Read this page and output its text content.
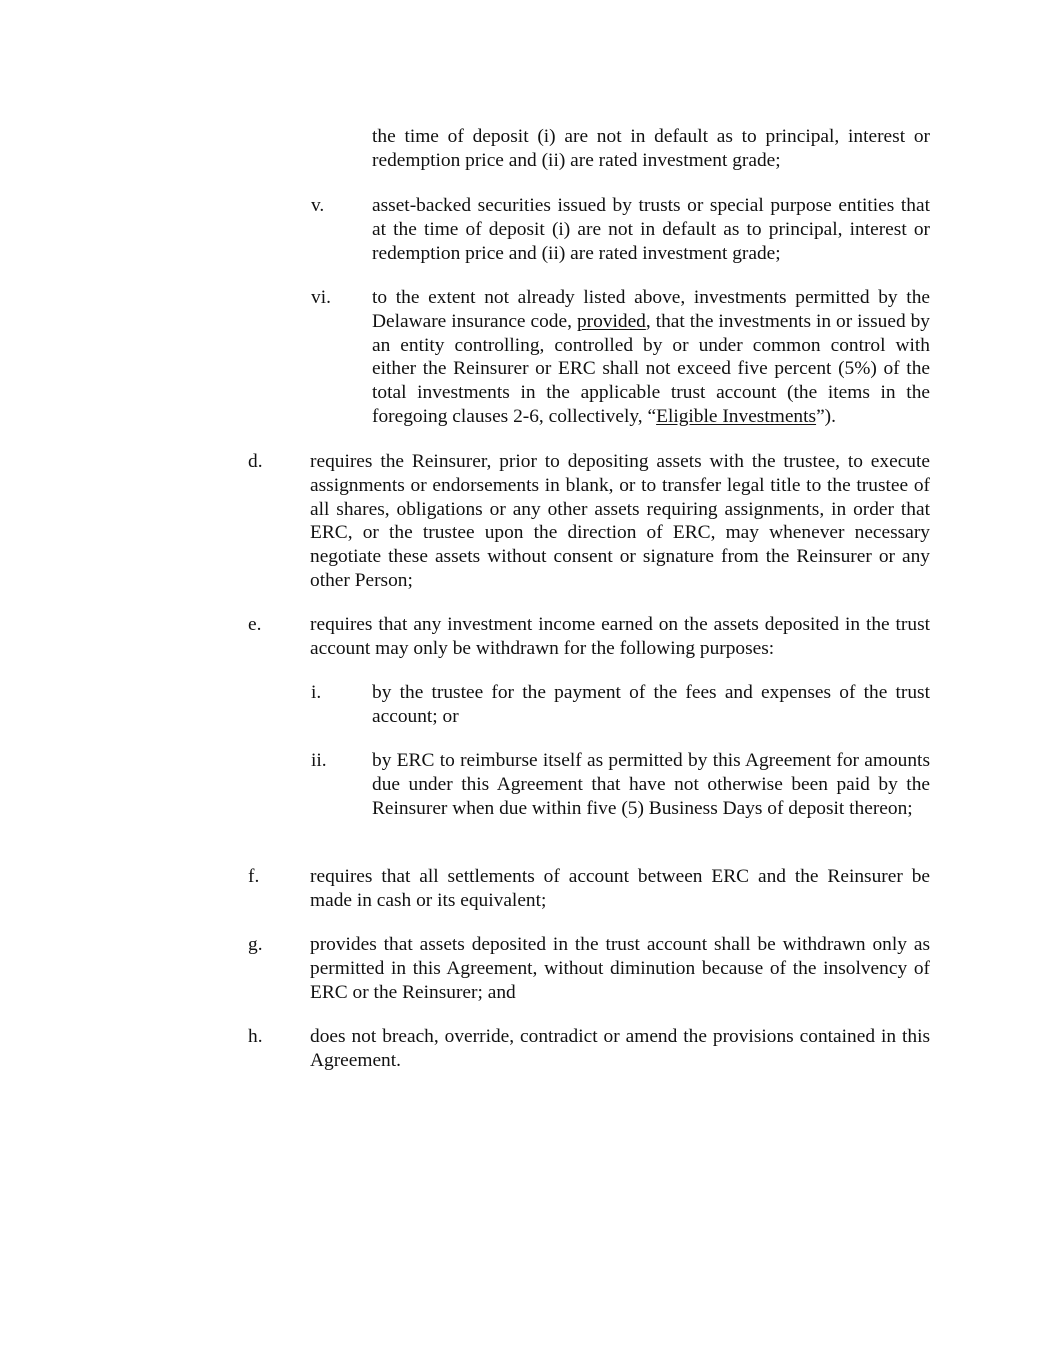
the time of deposit (i) are not in default as to principal, interest or redemption price and (ii) are rated investment grade;
v. asset-backed securities issued by trusts or special purpose entities that at the time of deposit (i) are not in default as to principal, interest or redemption price and (ii) are rated investment grade;
vi. to the extent not already listed above, investments permitted by the Delaware insurance code, provided, that the investments in or issued by an entity controlling, controlled by or under common control with either the Reinsurer or ERC shall not exceed five percent (5%) of the total investments in the applicable trust account (the items in the foregoing clauses 2-6, collectively, “Eligible Investments”).
d. requires the Reinsurer, prior to depositing assets with the trustee, to execute assignments or endorsements in blank, or to transfer legal title to the trustee of all shares, obligations or any other assets requiring assignments, in order that ERC, or the trustee upon the direction of ERC, may whenever necessary negotiate these assets without consent or signature from the Reinsurer or any other Person;
e.	requires that any investment income earned on the assets deposited in the trust account may only be withdrawn for the following purposes:
i.	by the trustee for the payment of the fees and expenses of the trust account; or
ii. by ERC to reimburse itself as permitted by this Agreement for amounts due under this Agreement that have not otherwise been paid by the Reinsurer when due within five (5) Business Days of deposit thereon;
f.	requires that all settlements of account between ERC and the Reinsurer be made in cash or its equivalent;
g. provides that assets deposited in the trust account shall be withdrawn only as permitted in this Agreement, without diminution because of the insolvency of ERC or the Reinsurer; and
h. does not breach, override, contradict or amend the provisions contained in this Agreement.
